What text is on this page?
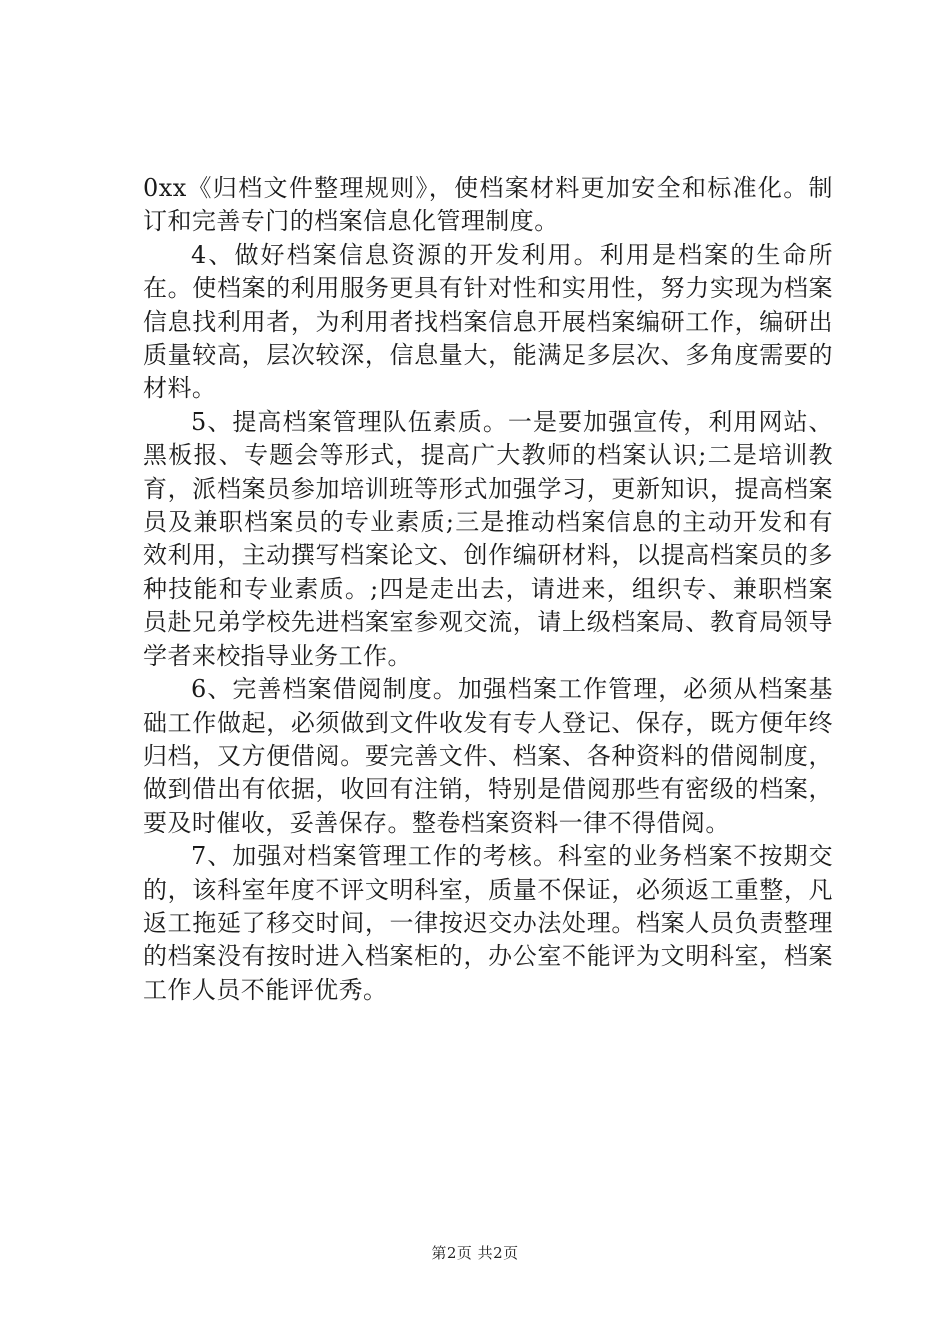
0xx《归档文件整理规则》，使档案材料更加安全和标准化。制订和完善专门的档案信息化管理制度。

4、做好档案信息资源的开发利用。利用是档案的生命所在。使档案的利用服务更具有针对性和实用性，努力实现为档案信息找利用者，为利用者找档案信息开展档案编研工作，编研出质量较高，层次较深，信息量大，能满足多层次、多角度需要的材料。

5、提高档案管理队伍素质。一是要加强宣传，利用网站、黑板报、专题会等形式，提高广大教师的档案认识;二是培训教育，派档案员参加培训班等形式加强学习，更新知识，提高档案员及兼职档案员的专业素质;三是推动档案信息的主动开发和有效利用，主动撰写档案论文、创作编研材料，以提高档案员的多种技能和专业素质。;四是走出去，请进来，组织专、兼职档案员赴兄弟学校先进档案室参观交流，请上级档案局、教育局领导学者来校指导业务工作。

6、完善档案借阅制度。加强档案工作管理，必须从档案基础工作做起，必须做到文件收发有专人登记、保存，既方便年终归档，又方便借阅。要完善文件、档案、各种资料的借阅制度，做到借出有依据，收回有注销，特别是借阅那些有密级的档案，要及时催收，妥善保存。整卷档案资料一律不得借阅。

7、加强对档案管理工作的考核。科室的业务档案不按期交的，该科室年度不评文明科室，质量不保证，必须返工重整，凡返工拖延了移交时间，一律按迟交办法处理。档案人员负责整理的档案没有按时进入档案柜的，办公室不能评为文明科室，档案工作人员不能评优秀。

第2页 共2页
